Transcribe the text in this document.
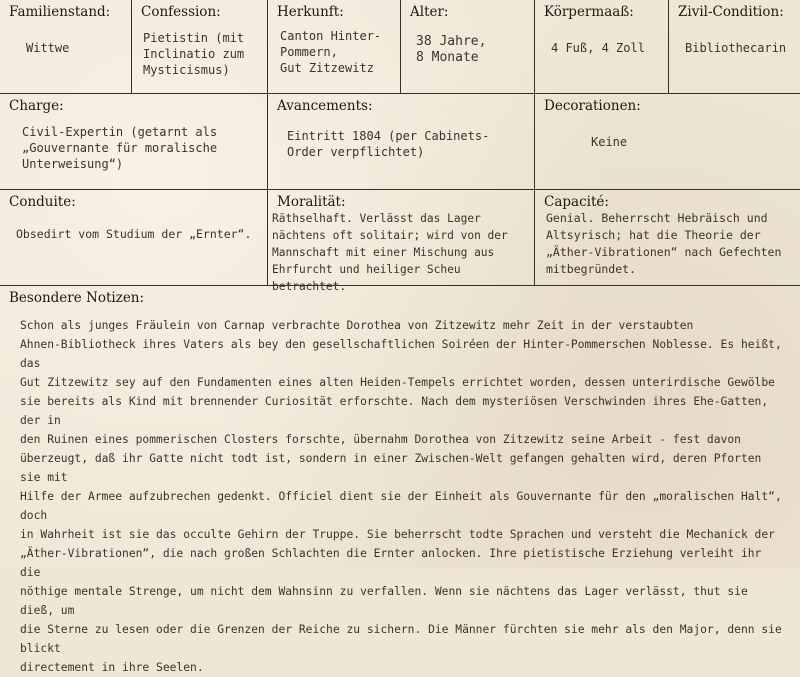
Familienstand:
Wittwe
Confession:
Pietistin (mit
Inclinatio zum
Mysticismus)
Herkunft:
Canton Hinter-
Pommern,
Gut Zitzewitz
Alter:
38 Jahre,
8 Monate
Körpermaaß:
4 Fuß, 4 Zoll
Zivil-Condition:
Bibliothecarin
Charge:
Civil-Expertin (getarnt als
„Gouvernante für moralische
Unterweisung“)
Avancements:
Eintritt 1804 (per Cabinets-
Order verpflichtet)
Decorationen:
Keine
Conduite:
Obsedirt vom Studium der „Ernter“.
Moralität:
Räthselhaft. Verlässt das Lager
nächtens oft solitair; wird von der
Mannschaft mit einer Mischung aus
Ehrfurcht und heiliger Scheu betrachtet.
Capacité:
Genial. Beherrscht Hebräisch und
Altsyrisch; hat die Theorie der
„Äther-Vibrationen“ nach Gefechten
mitbegründet.
Besondere Notizen:
Schon als junges Fräulein von Carnap verbrachte Dorothea von Zitzewitz mehr Zeit in der verstaubten
Ahnen-Bibliotheck ihres Vaters als bey den gesellschaftlichen Soiréen der Hinter-Pommerschen Noblesse. Es heißt, das
Gut Zitzewitz sey auf den Fundamenten eines alten Heiden-Tempels errichtet worden, dessen unterirdische Gewölbe
sie bereits als Kind mit brennender Curiosität erforschte. Nach dem mysteriösen Verschwinden ihres Ehe-Gatten, der in
den Ruinen eines pommerischen Closters forschte, übernahm Dorothea von Zitzewitz seine Arbeit - fest davon
überzeugt, daß ihr Gatte nicht todt ist, sondern in einer Zwischen-Welt gefangen gehalten wird, deren Pforten sie mit
Hilfe der Armee aufzubrechen gedenkt. Officiel dient sie der Einheit als Gouvernante für den „moralischen Halt“, doch
in Wahrheit ist sie das occulte Gehirn der Truppe. Sie beherrscht todte Sprachen und versteht die Mechanick der
„Äther-Vibrationen“, die nach großen Schlachten die Ernter anlocken. Ihre pietistische Erziehung verleiht ihr die
nöthige mentale Strenge, um nicht dem Wahnsinn zu verfallen. Wenn sie nächtens das Lager verlässt, thut sie dieß, um
die Sterne zu lesen oder die Grenzen der Reiche zu sichern. Die Männer fürchten sie mehr als den Major, denn sie blickt
directement in ihre Seelen.
